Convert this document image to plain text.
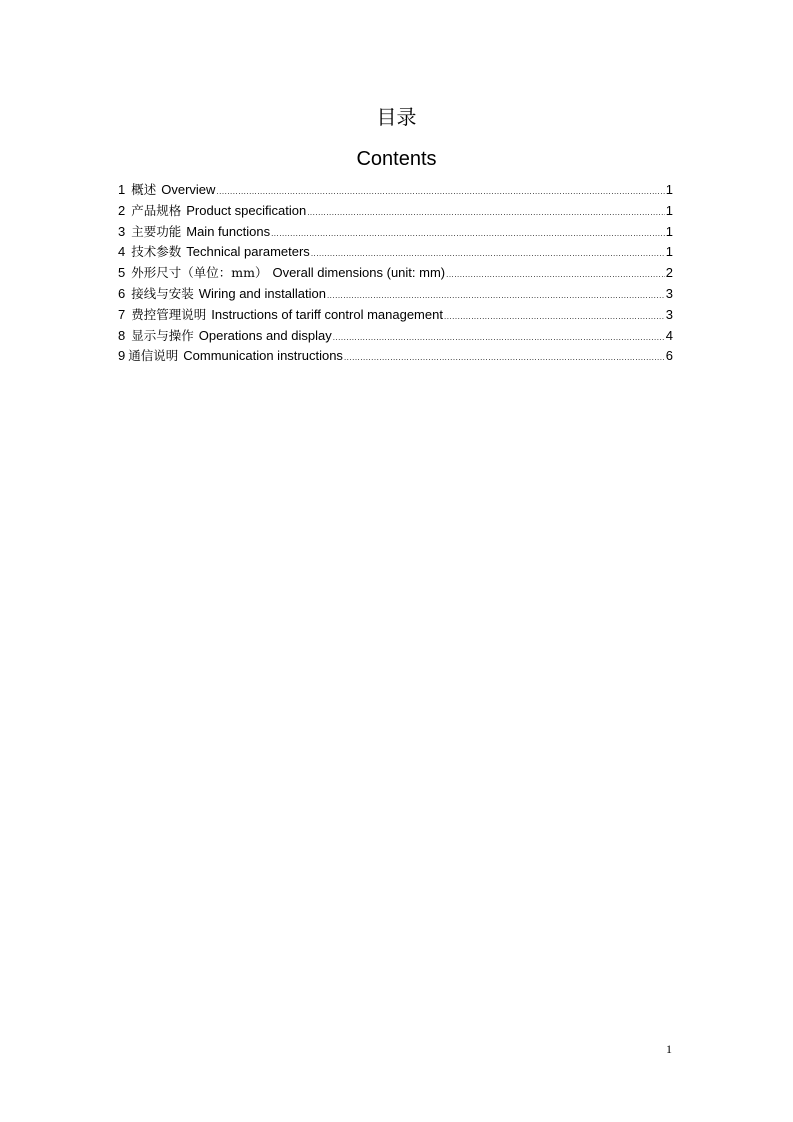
目录
Contents
1 概述 Overview .....	1
2 产品规格 Product specification .....	1
3 主要功能 Main functions .....	1
4 技术参数 Technical parameters .....	1
5 外形尺寸（单位：mm） Overall dimensions (unit: mm) .....	2
6 接线与安装 Wiring and installation .....	3
7 费控管理说明 Instructions of tariff control management .....	3
8 显示与操作 Operations and display .....	4
9 通信说明 Communication instructions .....	6
1
